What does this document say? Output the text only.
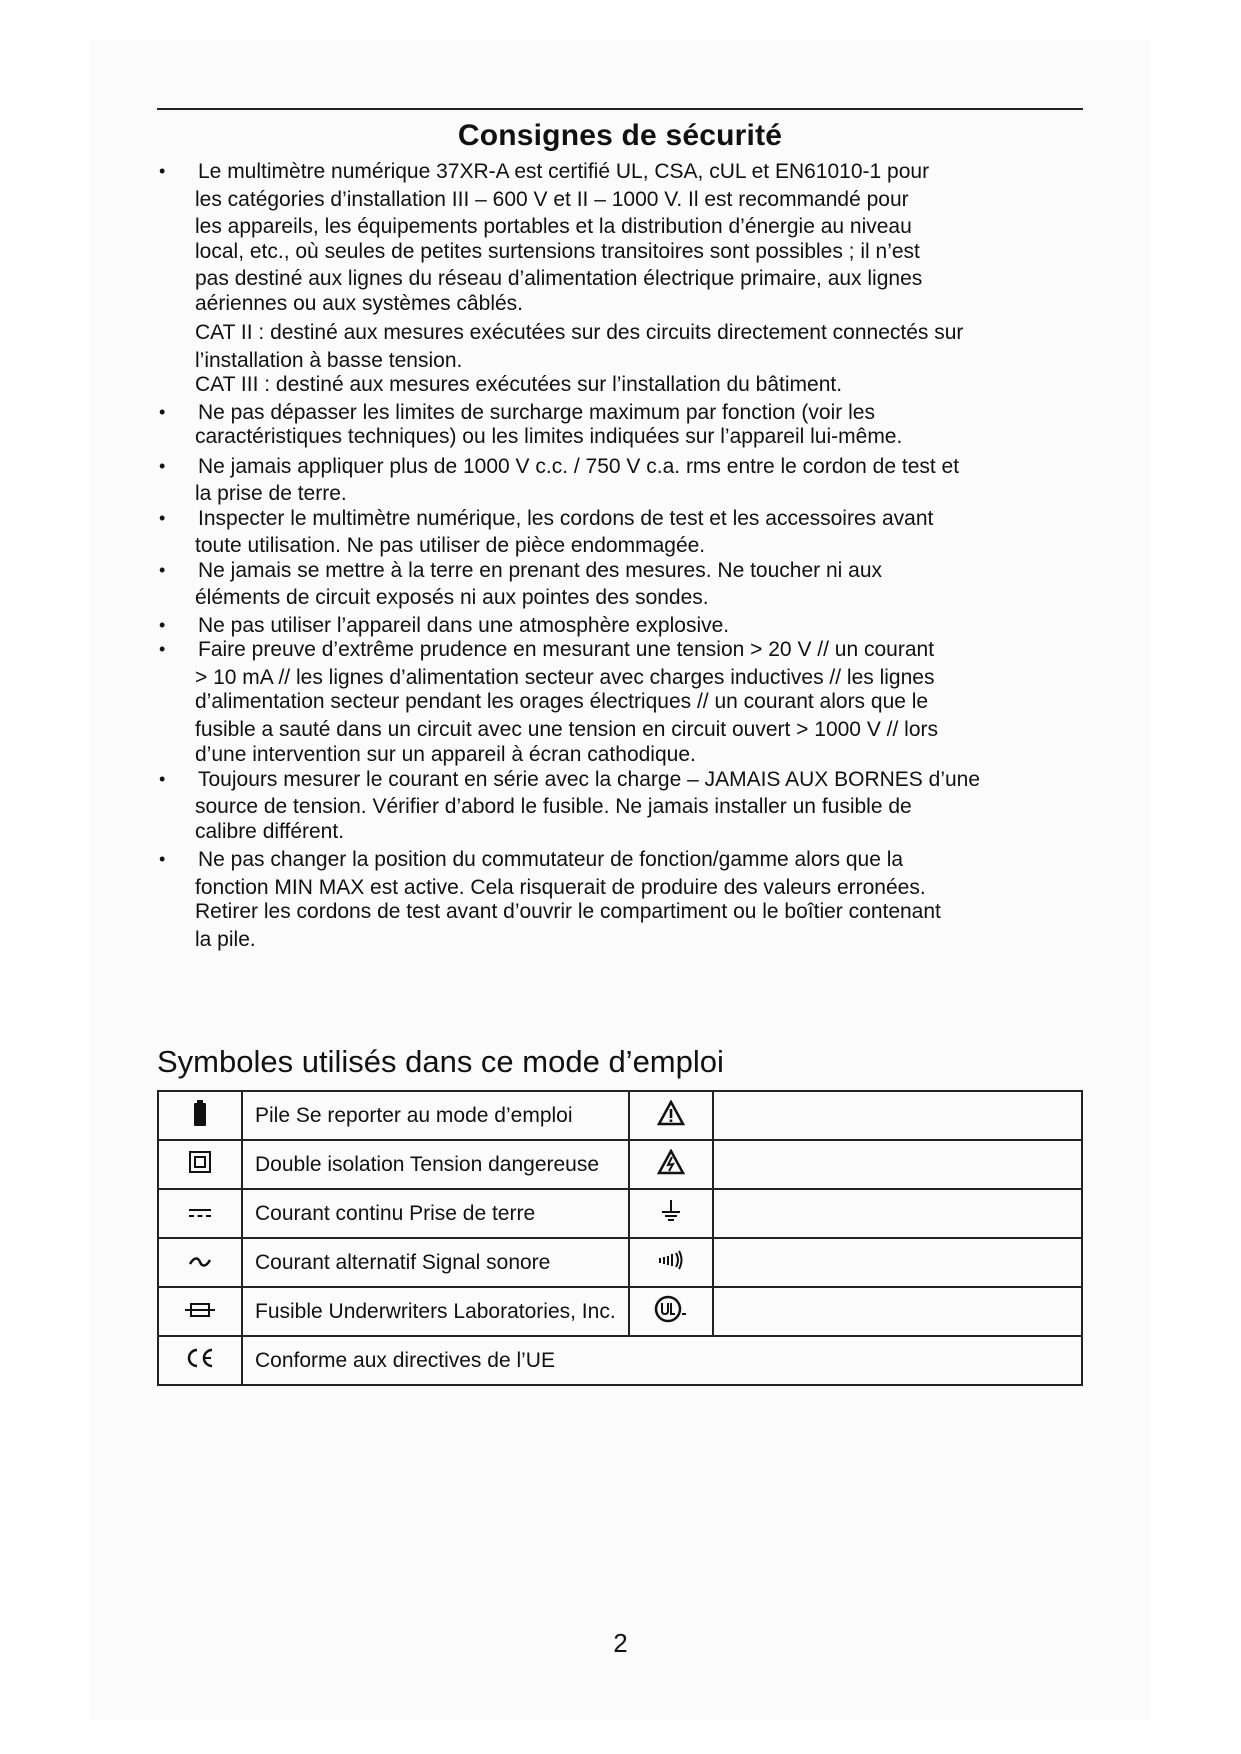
Consignes de sécurité
• Le multimètre numérique 37XR-A est certifié UL, CSA, cUL et EN61010-1 pour
les catégories d’installation III – 600 V et II – 1000 V. Il est recommandé pour
les appareils, les équipements portables et la distribution d’énergie au niveau
local, etc., où seules de petites surtensions transitoires sont possibles ; il n’est
pas destiné aux lignes du réseau d’alimentation électrique primaire, aux lignes
aériennes ou aux systèmes câblés.
CAT II : destiné aux mesures exécutées sur des circuits directement connectés sur
l’installation à basse tension.
CAT III : destiné aux mesures exécutées sur l’installation du bâtiment.
• Ne pas dépasser les limites de surcharge maximum par fonction (voir les
caractéristiques techniques) ou les limites indiquées sur l’appareil lui-même.
• Ne jamais appliquer plus de 1000 V c.c. / 750 V c.a. rms entre le cordon de test et
la prise de terre.
• Inspecter le multimètre numérique, les cordons de test et les accessoires avant
toute utilisation. Ne pas utiliser de pièce endommagée.
• Ne jamais se mettre à la terre en prenant des mesures. Ne toucher ni aux
éléments de circuit exposés ni aux pointes des sondes.
• Ne pas utiliser l’appareil dans une atmosphère explosive.
• Faire preuve d’extrême prudence en mesurant une tension > 20 V // un courant
> 10 mA // les lignes d’alimentation secteur avec charges inductives // les lignes
d’alimentation secteur pendant les orages électriques // un courant alors que le
fusible a sauté dans un circuit avec une tension en circuit ouvert > 1000 V // lors
d’une intervention sur un appareil à écran cathodique.
• Toujours mesurer le courant en série avec la charge – JAMAIS AUX BORNES d’une
source de tension. Vérifier d’abord le fusible. Ne jamais installer un fusible de
calibre différent.
• Ne pas changer la position du commutateur de fonction/gamme alors que la
fonction MIN MAX est active. Cela risquerait de produire des valeurs erronées.
Retirer les cordons de test avant d’ouvrir le compartiment ou le boîtier contenant
la pile.
Symboles utilisés dans ce mode d’emploi
	Pile Se reporter au mode d’emploi		
	Double isolation Tension dangereuse		
	Courant continu Prise de terre		
	Courant alternatif Signal sonore		
	Fusible Underwriters Laboratories, Inc.		
	Conforme aux directives de l’UE		
2
